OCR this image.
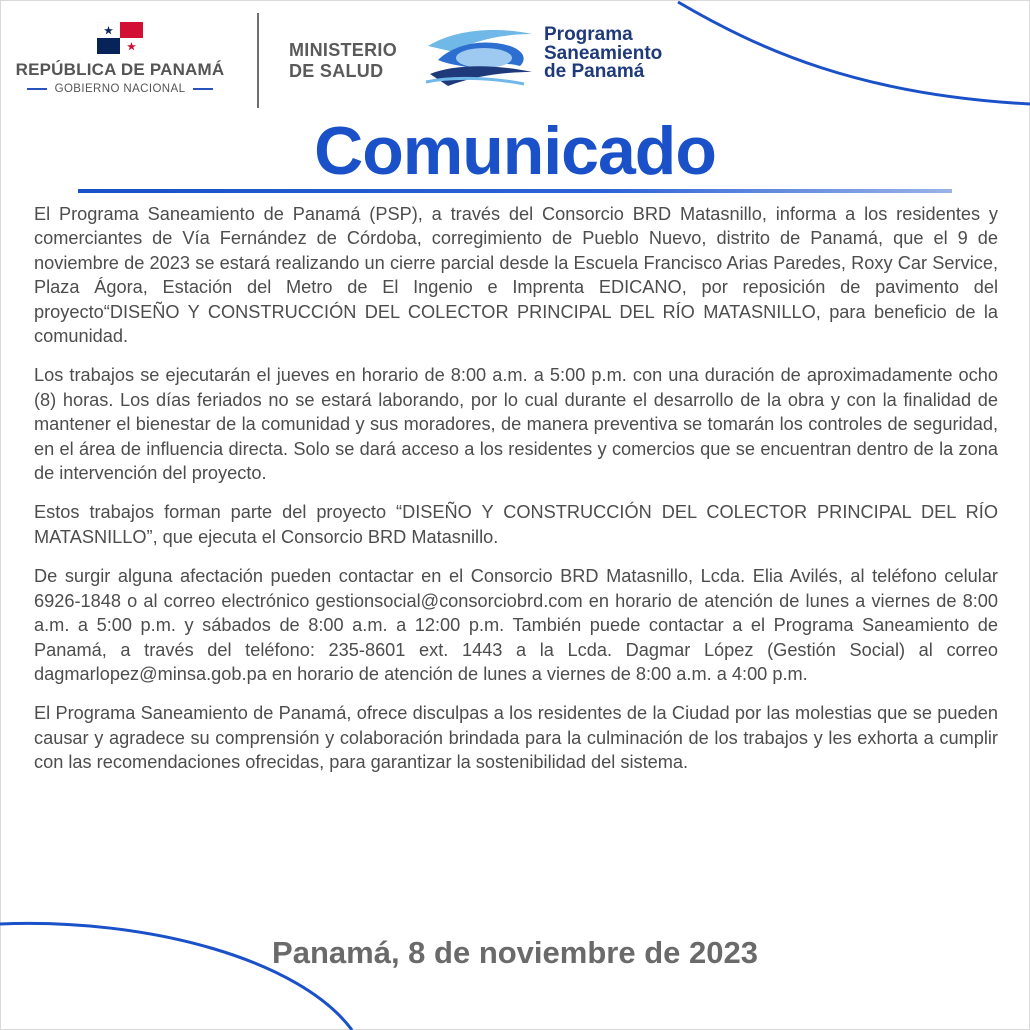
REPÚBLICA DE PANAMÁ
GOBIERNO NACIONAL
MINISTERIO
DE SALUD
Programa
Saneamiento
de Panamá
Comunicado

El Programa Saneamiento de Panamá (PSP), a través del Consorcio BRD Matasnillo, informa a los residentes y comerciantes de Vía Fernández de Córdoba, corregimiento de Pueblo Nuevo, distrito de Panamá, que el 9 de noviembre de 2023 se estará realizando un cierre parcial desde la Escuela Francisco Arias Paredes, Roxy Car Service, Plaza Ágora, Estación del Metro de El Ingenio e Imprenta EDICANO, por reposición de pavimento del proyecto“DISEÑO Y CONSTRUCCIÓN DEL COLECTOR PRINCIPAL DEL RÍO MATASNILLO, para beneficio de la comunidad.

Los trabajos se ejecutarán el jueves en horario de 8:00 a.m. a 5:00 p.m. con una duración de aproximadamente ocho (8) horas. Los días feriados no se estará laborando, por lo cual durante el desarrollo de la obra y con la finalidad de mantener el bienestar de la comunidad y sus moradores, de manera preventiva se tomarán los controles de seguridad, en el área de influencia directa. Solo se dará acceso a los residentes y comercios que se encuentran dentro de la zona de intervención del proyecto.

Estos trabajos forman parte del proyecto “DISEÑO Y CONSTRUCCIÓN DEL COLECTOR PRINCIPAL DEL RÍO MATASNILLO”, que ejecuta el Consorcio BRD Matasnillo.

De surgir alguna afectación pueden contactar en el Consorcio BRD Matasnillo, Lcda. Elia Avilés, al teléfono celular 6926-1848 o al correo electrónico gestionsocial@consorciobrd.com en horario de atención de lunes a viernes de 8:00 a.m. a 5:00 p.m. y sábados de 8:00 a.m. a 12:00 p.m. También puede contactar a el Programa Saneamiento de Panamá, a través del teléfono: 235-8601 ext. 1443 a la Lcda. Dagmar López (Gestión Social) al correo dagmarlopez@minsa.gob.pa en horario de atención de lunes a viernes de 8:00 a.m. a 4:00 p.m.

El Programa Saneamiento de Panamá, ofrece disculpas a los residentes de la Ciudad por las molestias que se pueden causar y agradece su comprensión y colaboración brindada para la culminación de los trabajos y les exhorta a cumplir con las recomendaciones ofrecidas, para garantizar la sostenibilidad del sistema.

Panamá, 8 de noviembre de 2023
